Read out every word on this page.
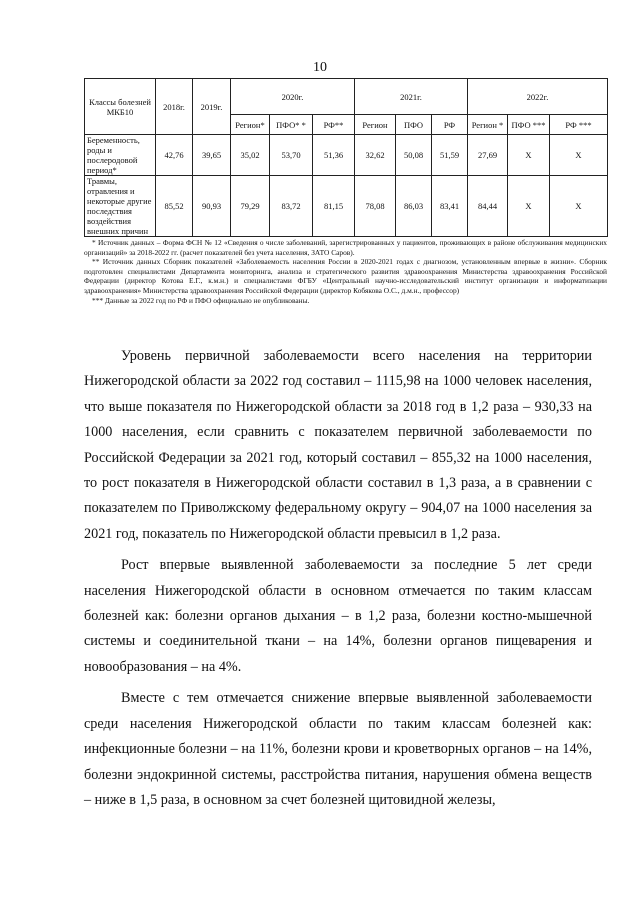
10
Классы болезней МКБ10	2018г.	2019г.	2020г.			2021г.			2022г.		
			Регион*	ПФО* *	РФ**	Регион	ПФО	РФ	Регион *	ПФО ***	РФ ***
Беременность, роды и послеродовой период*	42,76	39,65	35,02	53,70	51,36	32,62	50,08	51,59	27,69	Х	Х
Травмы, отравления и некоторые другие последствия воздействия внешних причин	85,52	90,93	79,29	83,72	81,15	78,08	86,03	83,41	84,44	Х	Х

* Источник данных – Форма ФСН № 12 «Сведения о числе заболеваний, зарегистрированных у пациентов, проживающих в районе обслуживания медицинских организаций» за 2018-2022 гг. (расчет показателей без учета населения, ЗАТО Саров).

** Источник данных Сборник показателей «Заболеваемость населения России в 2020-2021 годах с диагнозом, установленным впервые в жизни». Сборник подготовлен специалистами Департамента мониторинга, анализа и стратегического развития здравоохранения Министерства здравоохранения Российской Федерации (директор Котова Е.Г., к.м.н.) и специалистами ФГБУ «Центральный научно-исследовательский институт организации и информатизации здравоохранения» Министерства здравоохранения Российской Федерации (директор Кобякова О.С., д.м.н., профессор)

*** Данные за 2022 год по РФ и ПФО официально не опубликованы.

Уровень первичной заболеваемости всего населения на территории Нижегородской области за 2022 год составил – 1115,98 на 1000 человек населения, что выше показателя по Нижегородской области за 2018 год в 1,2 раза – 930,33 на 1000 населения, если сравнить с показателем первичной заболеваемости по Российской Федерации за 2021 год, который составил – 855,32 на 1000 населения, то рост показателя в Нижегородской области составил в 1,3 раза, а в сравнении с показателем по Приволжскому федеральному округу – 904,07 на 1000 населения за 2021 год, показатель по Нижегородской области превысил в 1,2 раза.

Рост впервые выявленной заболеваемости за последние 5 лет среди населения Нижегородской области в основном отмечается по таким классам болезней как: болезни органов дыхания – в 1,2 раза, болезни костно-мышечной системы и соединительной ткани – на 14%, болезни органов пищеварения и новообразования – на 4%.

Вместе с тем отмечается снижение впервые выявленной заболеваемости среди населения Нижегородской области по таким классам болезней как: инфекционные болезни – на 11%, болезни крови и кроветворных органов – на 14%, болезни эндокринной системы, расстройства питания, нарушения обмена веществ – ниже в 1,5 раза, в основном за счет болезней щитовидной железы,
